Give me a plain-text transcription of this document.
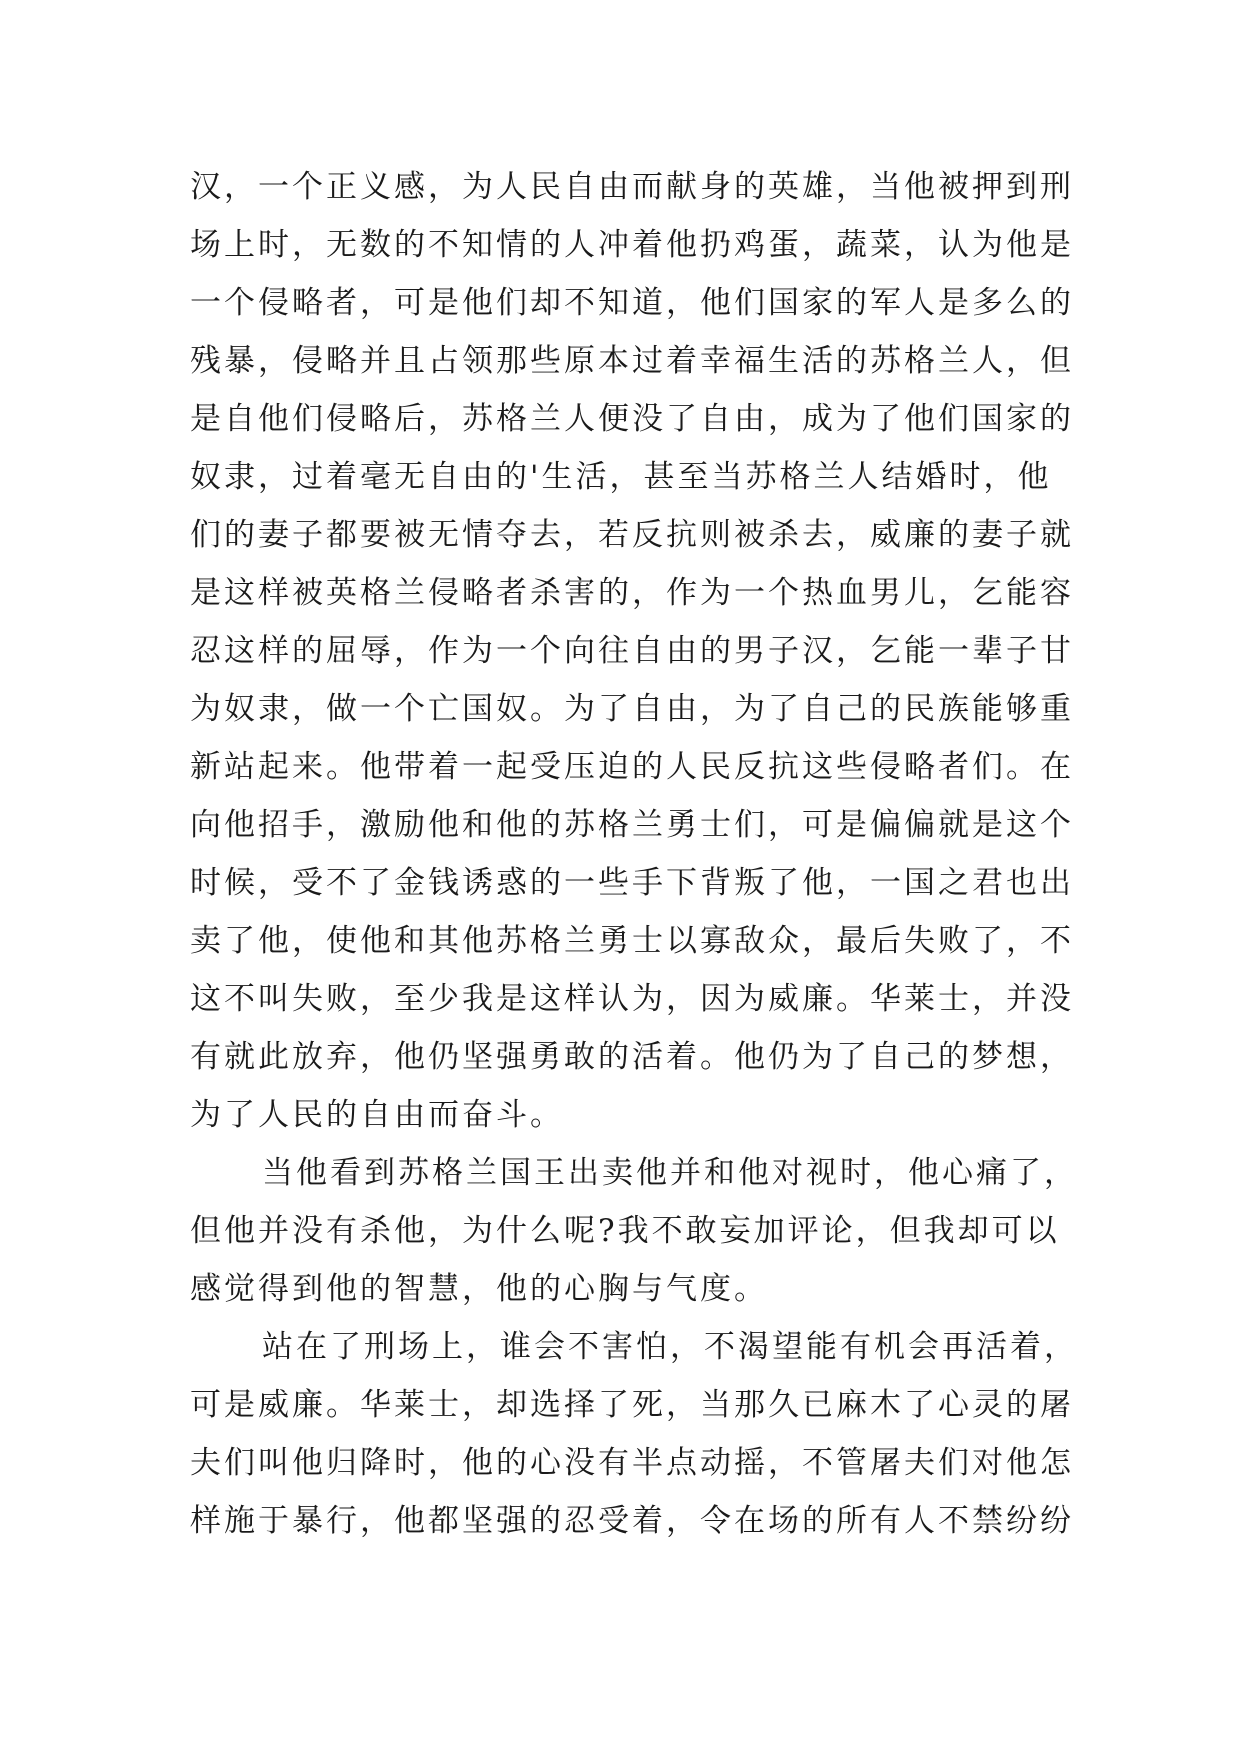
汉，一个正义感，为人民自由而献身的英雄，当他被押到刑
场上时，无数的不知情的人冲着他扔鸡蛋，蔬菜，认为他是
一个侵略者，可是他们却不知道，他们国家的军人是多么的
残暴，侵略并且占领那些原本过着幸福生活的苏格兰人，但
是自他们侵略后，苏格兰人便没了自由，成为了他们国家的
奴隶，过着毫无自由的'生活，甚至当苏格兰人结婚时，他
们的妻子都要被无情夺去，若反抗则被杀去，威廉的妻子就
是这样被英格兰侵略者杀害的，作为一个热血男儿，乞能容
忍这样的屈辱，作为一个向往自由的男子汉，乞能一辈子甘
为奴隶，做一个亡国奴。为了自由，为了自己的民族能够重
新站起来。他带着一起受压迫的人民反抗这些侵略者们。在
向他招手，激励他和他的苏格兰勇士们，可是偏偏就是这个
时候，受不了金钱诱惑的一些手下背叛了他，一国之君也出
卖了他，使他和其他苏格兰勇士以寡敌众，最后失败了，不
这不叫失败，至少我是这样认为，因为威廉。华莱士，并没
有就此放弃，他仍坚强勇敢的活着。他仍为了自己的梦想，
为了人民的自由而奋斗。
当他看到苏格兰国王出卖他并和他对视时，他心痛了，
但他并没有杀他，为什么呢?我不敢妄加评论，但我却可以
感觉得到他的智慧，他的心胸与气度。
站在了刑场上，谁会不害怕，不渴望能有机会再活着，
可是威廉。华莱士，却选择了死，当那久已麻木了心灵的屠
夫们叫他归降时，他的心没有半点动摇，不管屠夫们对他怎
样施于暴行，他都坚强的忍受着，令在场的所有人不禁纷纷
